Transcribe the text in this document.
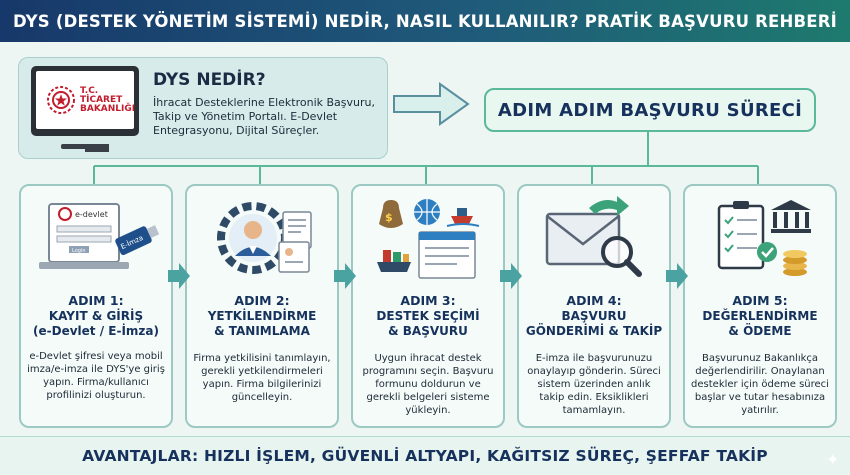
DYS (DESTEK YÖNETİM SİSTEMİ) NEDİR, NASIL KULLANILIR? PRATİK BAŞVURU REHBERİ
T.C. TİCARET BAKANLIĞI
DYS NEDİR?
İhracat Desteklerine Elektronik Başvuru, Takip ve Yönetim Portalı. E-Devlet Entegrasyonu, Dijital Süreçler.
ADIM ADIM BAŞVURU SÜRECİ
e-devlet
Login	E-İmza
ADIM 1:
KAYIT & GİRİŞ
(e-Devlet / E-İmza)
e-Devlet şifresi veya mobil imza/e-imza ile DYS'ye giriş yapın. Firma/kullanıcı profilinizi oluşturun.
ADIM 2:
YETKİLENDİRME
& TANIMLAMA
Firma yetkilisini tanımlayın, gerekli yetkilendirmeleri yapın. Firma bilgilerinizi güncelleyin.
$
ADIM 3:
DESTEK SEÇİMİ
& BAŞVURU
Uygun ihracat destek programını seçin. Başvuru formunu doldurun ve gerekli belgeleri sisteme yükleyin.
ADIM 4:
BAŞVURU
GÖNDERİMİ & TAKİP
E-imza ile başvurunuzu onaylayıp gönderin. Süreci sistem üzerinden anlık takip edin. Eksiklikleri tamamlayın.
ADIM 5:
DEĞERLENDİRME
& ÖDEME
Başvurunuz Bakanlıkça değerlendirilir. Onaylanan destekler için ödeme süreci başlar ve tutar hesabınıza yatırılır.
AVANTAJLAR: HIZLI İŞLEM, GÜVENLİ ALTYAPI, KAĞITSIZ SÜREÇ, ŞEFFAF TAKİP	✦
